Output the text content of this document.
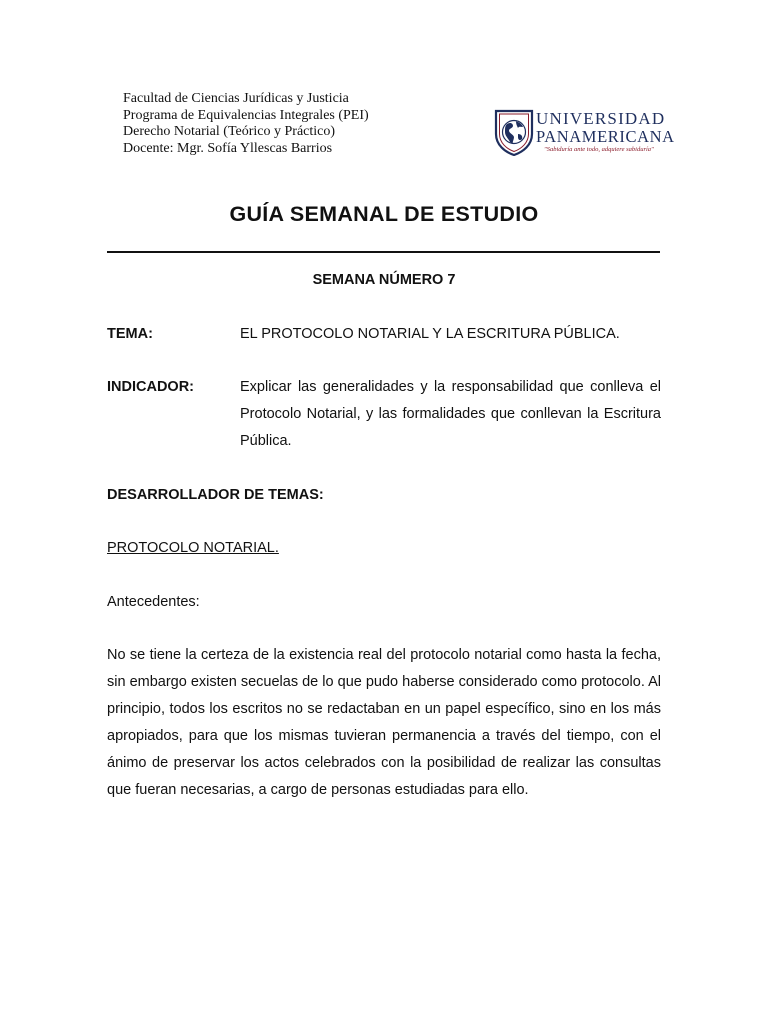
Facultad de Ciencias Jurídicas y Justicia
Programa de Equivalencias Integrales (PEI)
Derecho Notarial (Teórico y Práctico)
Docente: Mgr. Sofía Yllescas Barrios
UNIVERSIDAD
PANAMERICANA
"Sabiduría ante todo, adquiere sabiduría"
GUÍA SEMANAL DE ESTUDIO
SEMANA NÚMERO 7
TEMA:	EL PROTOCOLO NOTARIAL Y LA ESCRITURA PÚBLICA.
INDICADOR:	Explicar las generalidades y la responsabilidad que conlleva el Protocolo Notarial, y las formalidades que conllevan la Escritura Pública.
DESARROLLADOR DE TEMAS:
PROTOCOLO NOTARIAL.
Antecedentes:
No se tiene la certeza de la existencia real del protocolo notarial como hasta la fecha, sin embargo existen secuelas de lo que pudo haberse considerado como protocolo. Al principio, todos los escritos no se redactaban en un papel específico, sino en los más apropiados, para que los mismas tuvieran permanencia a través del tiempo, con el ánimo de preservar los actos celebrados con la posibilidad de realizar las consultas que fueran necesarias, a cargo de personas estudiadas para ello.
